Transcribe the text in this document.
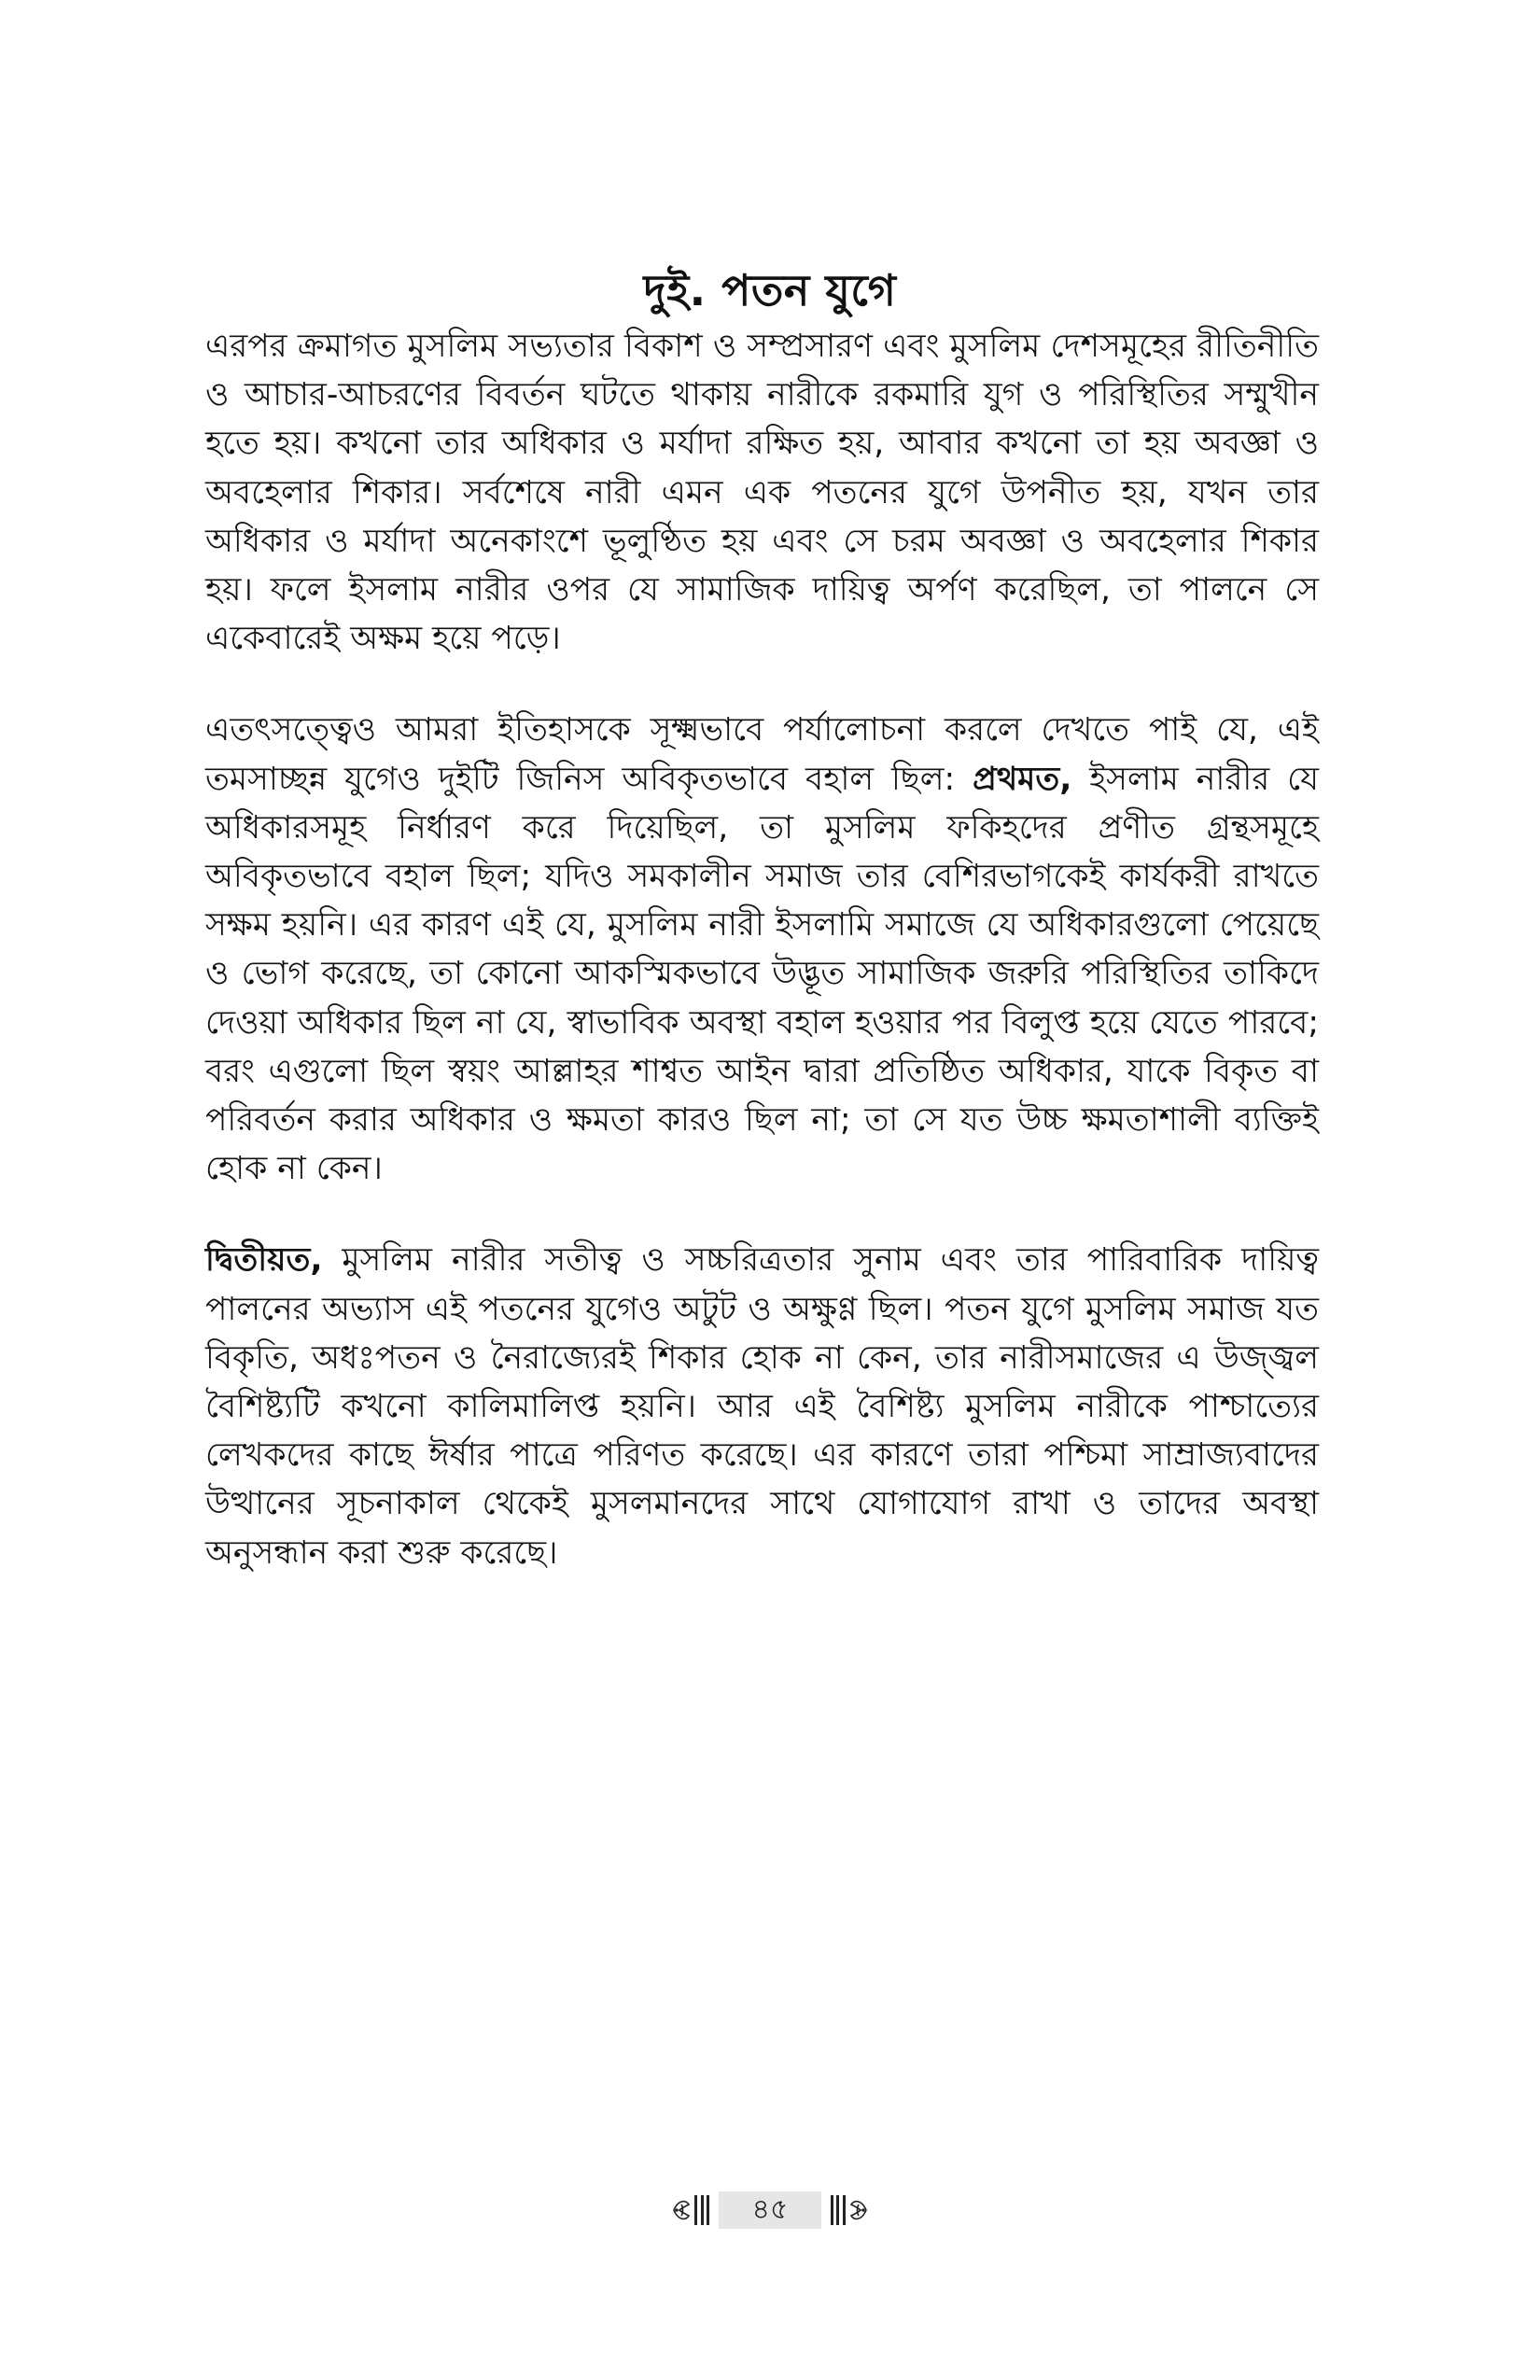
দুই. পতন যুগে

এরপর ক্রমাগত মুসলিম সভ্যতার বিকাশ ও সম্প্রসারণ এবং মুসলিম দেশসমূহের রীতিনীতি ও আচার-আচরণের বিবর্তন ঘটতে থাকায় নারীকে রকমারি যুগ ও পরিস্থিতির সম্মুখীন হতে হয়। কখনো তার অধিকার ও মর্যাদা রক্ষিত হয়, আবার কখনো তা হয় অবজ্ঞা ও অবহেলার শিকার। সর্বশেষে নারী এমন এক পতনের যুগে উপনীত হয়, যখন তার অধিকার ও মর্যাদা অনেকাংশে ভূলুণ্ঠিত হয় এবং সে চরম অবজ্ঞা ও অবহেলার শিকার হয়। ফলে ইসলাম নারীর ওপর যে সামাজিক দায়িত্ব অর্পণ করেছিল, তা পালনে সে একেবারেই অক্ষম হয়ে পড়ে।

এতৎসত্ত্বেও আমরা ইতিহাসকে সূক্ষ্মভাবে পর্যালোচনা করলে দেখতে পাই যে, এই তমসাচ্ছন্ন যুগেও দুইটি জিনিস অবিকৃতভাবে বহাল ছিল: প্রথমত, ইসলাম নারীর যে অধিকারসমূহ নির্ধারণ করে দিয়েছিল, তা মুসলিম ফকিহদের প্রণীত গ্রন্থসমূহে অবিকৃতভাবে বহাল ছিল; যদিও সমকালীন সমাজ তার বেশিরভাগকেই কার্যকরী রাখতে সক্ষম হয়নি। এর কারণ এই যে, মুসলিম নারী ইসলামি সমাজে যে অধিকারগুলো পেয়েছে ও ভোগ করেছে, তা কোনো আকস্মিকভাবে উদ্ভূত সামাজিক জরুরি পরিস্থিতির তাকিদে দেওয়া অধিকার ছিল না যে, স্বাভাবিক অবস্থা বহাল হওয়ার পর বিলুপ্ত হয়ে যেতে পারবে; বরং এগুলো ছিল স্বয়ং আল্লাহর শাশ্বত আইন দ্বারা প্রতিষ্ঠিত অধিকার, যাকে বিকৃত বা পরিবর্তন করার অধিকার ও ক্ষমতা কারও ছিল না; তা সে যত উচ্চ ক্ষমতাশালী ব্যক্তিই হোক না কেন।

দ্বিতীয়ত, মুসলিম নারীর সতীত্ব ও সচ্চরিত্রতার সুনাম এবং তার পারিবারিক দায়িত্ব পালনের অভ্যাস এই পতনের যুগেও অটুট ও অক্ষুণ্ণ ছিল। পতন যুগে মুসলিম সমাজ যত বিকৃতি, অধঃপতন ও নৈরাজ্যেরই শিকার হোক না কেন, তার নারীসমাজের এ উজ্জ্বল বৈশিষ্ট্যটি কখনো কালিমালিপ্ত হয়নি। আর এই বৈশিষ্ট্য মুসলিম নারীকে পাশ্চাত্যের লেখকদের কাছে ঈর্ষার পাত্রে পরিণত করেছে। এর কারণে তারা পশ্চিমা সাম্রাজ্যবাদের উত্থানের সূচনাকাল থেকেই মুসলমানদের সাথে যোগাযোগ রাখা ও তাদের অবস্থা অনুসন্ধান করা শুরু করেছে।

৪৫
